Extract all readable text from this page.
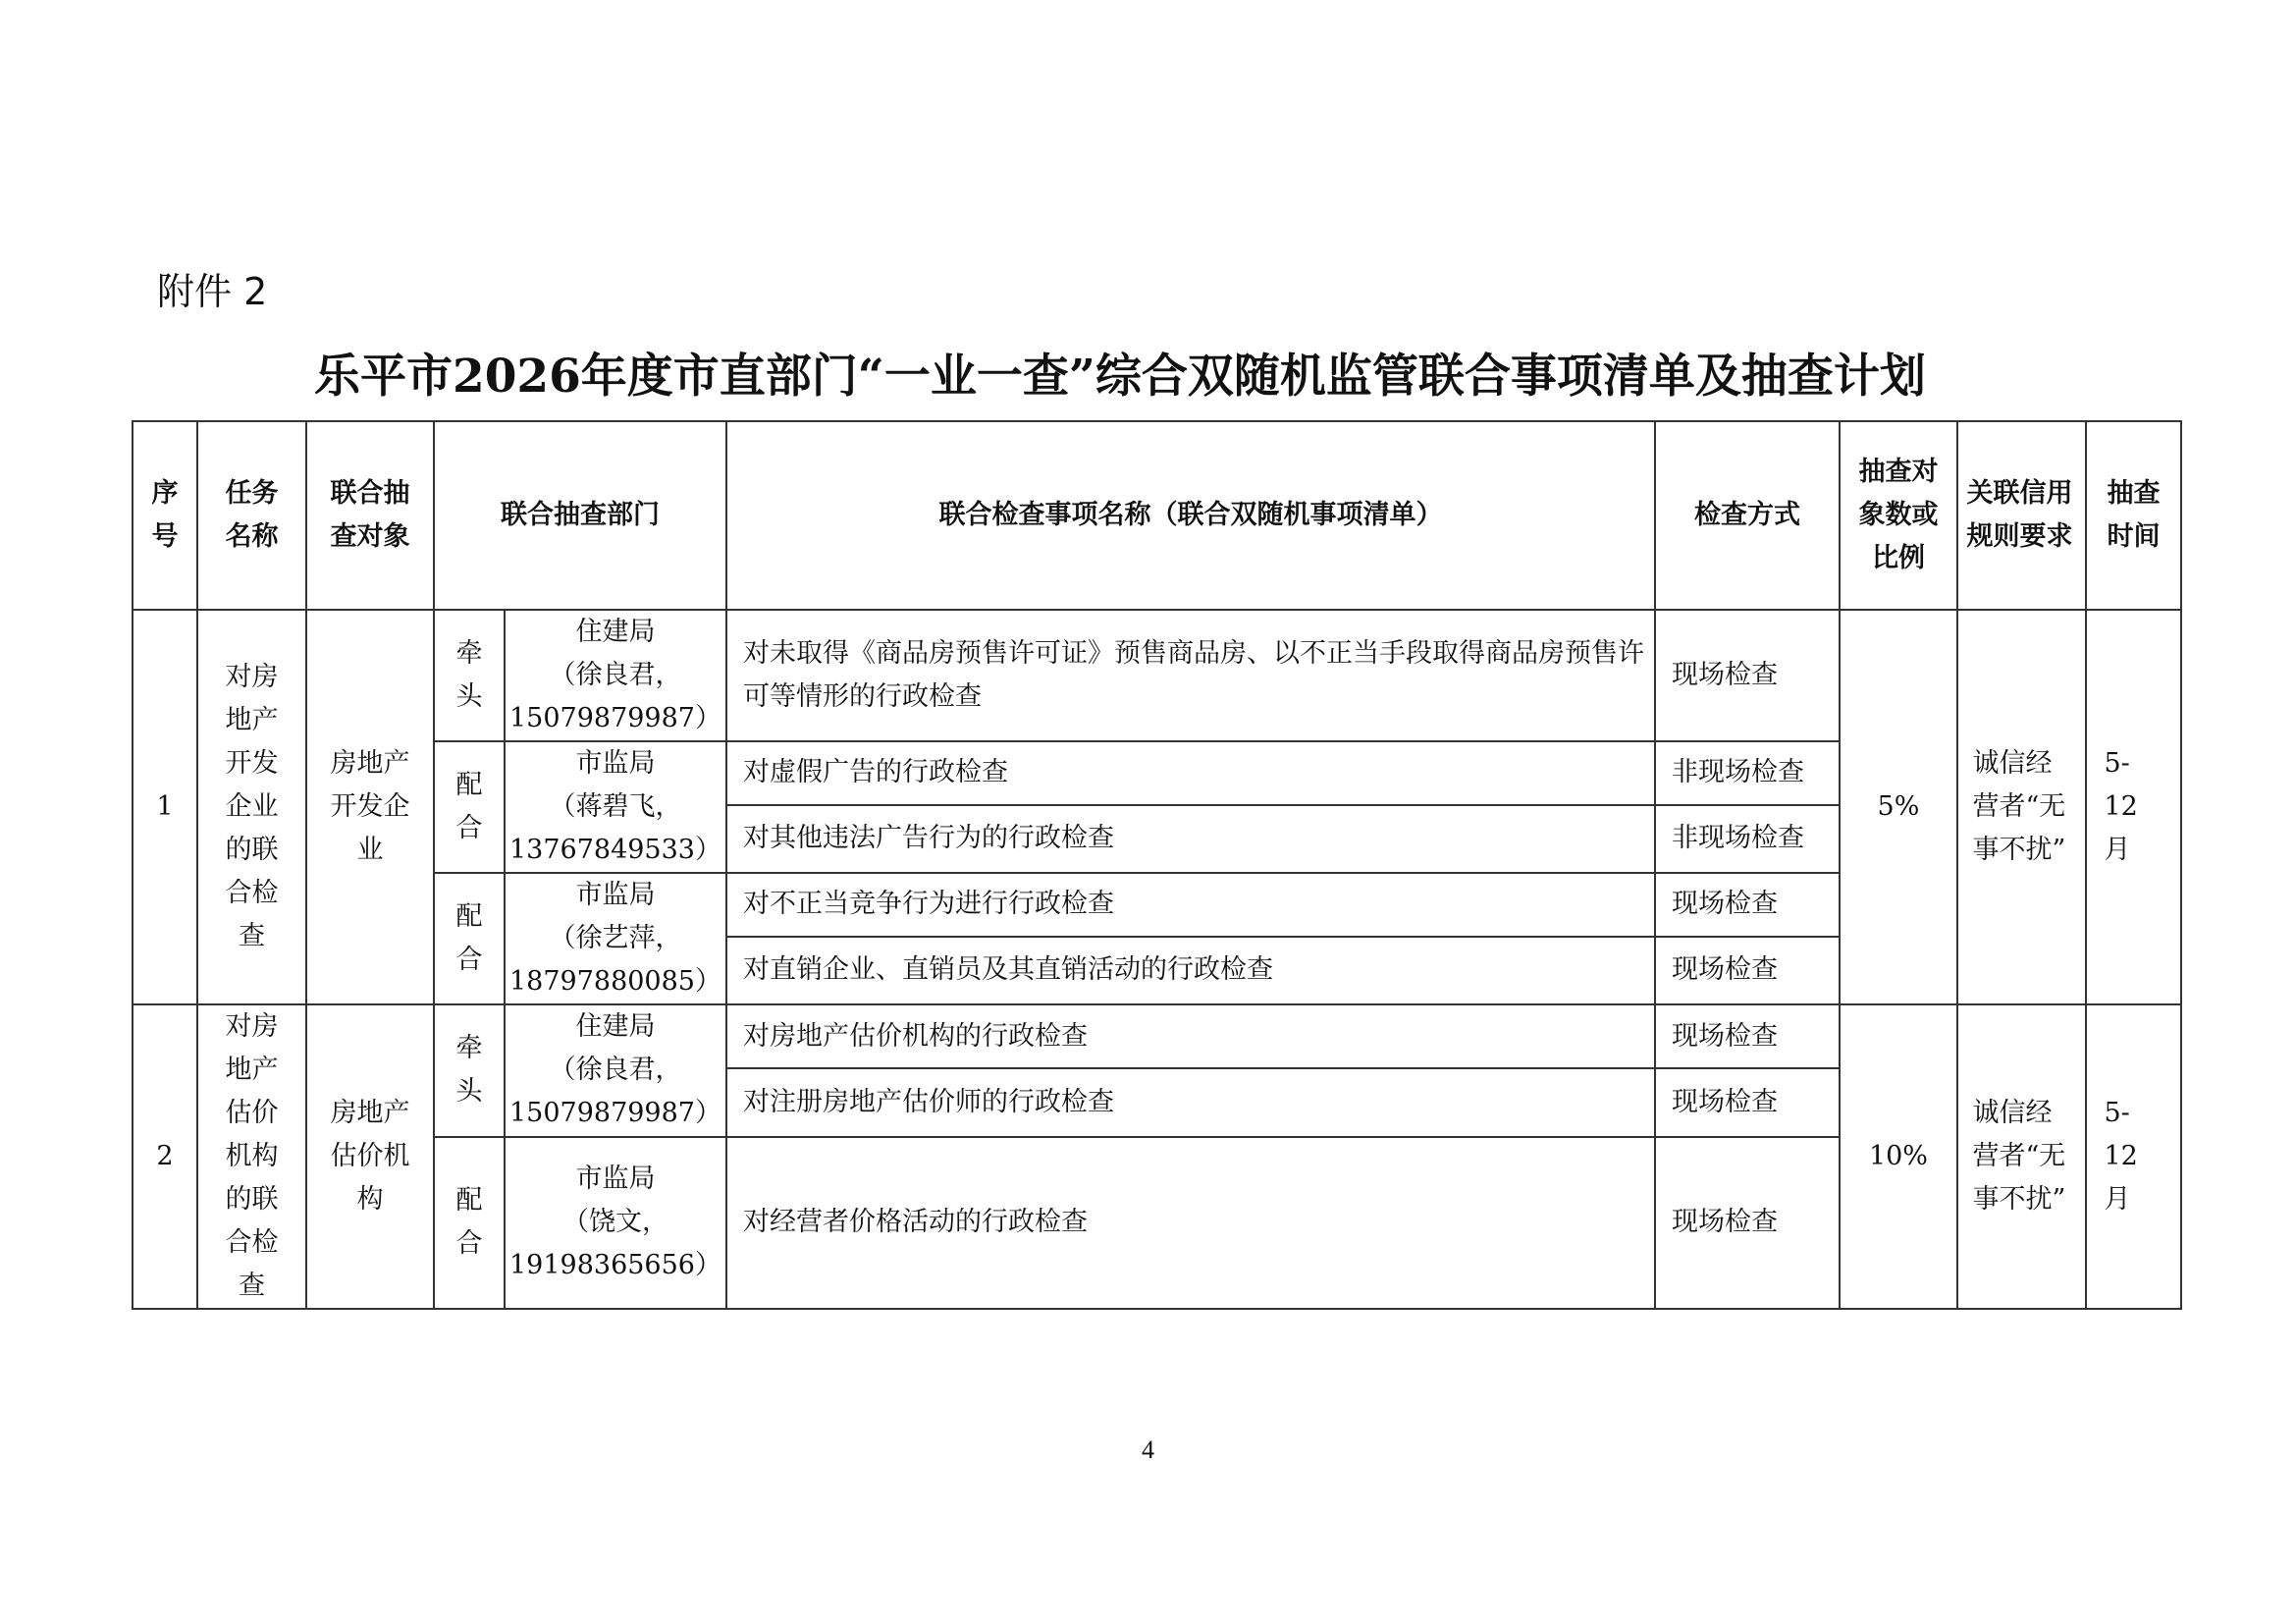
附件 2
乐平市2026年度市直部门“一业一查”综合双随机监管联合事项清单及抽查计划
序号	任务名称	联合抽查对象	联合抽查部门		联合检查事项名称（联合双随机事项清单）	检查方式	抽查对象数或比例	关联信用规则要求	抽查时间

1	对房地产开发企业的联合检查	房地产开发企业	牵头	住建局
（徐良君，
15079879987）	对未取得《商品房预售许可证》预售商品房、以不正当手段取得商品房预售许可等情形的行政检查	现场检查	5%	诚信经营者“无事不扰”	5-12月

			配合	市监局
（蒋碧飞，
13767849533）	对虚假广告的行政检查	非现场检查			
					对其他违法广告行为的行政检查	非现场检查			

			配合	市监局
（徐艺萍，
18797880085）	对不正当竞争行为进行行政检查	现场检查			
					对直销企业、直销员及其直销活动的行政检查	现场检查			
2	对房地产估价机构的联合检查	房地产估价机构	牵头	住建局
（徐良君，
15079879987）	对房地产估价机构的行政检查	现场检查	10%	诚信经营者“无事不扰”	5-12月

					对注册房地产估价师的行政检查	现场检查			

			配合	市监局
（饶文，
19198365656）	对经营者价格活动的行政检查	现场检查			
4
